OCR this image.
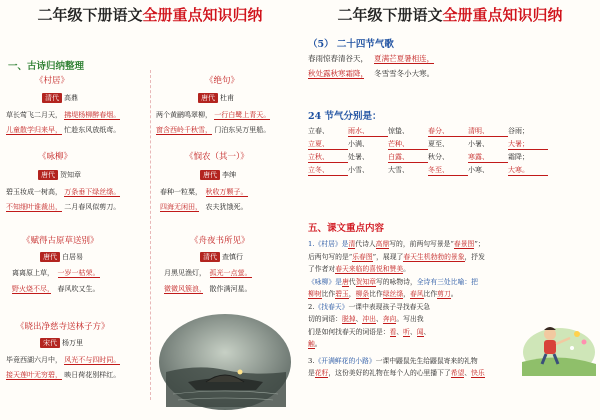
二年级下册语文全册重点知识归纳
一、古诗归纳整理
《村居》
清代 高鼎
草长莺飞二月天， 拂堤杨柳醉春烟。
儿童散学归来早， 忙趁东风放纸鸢。
《绝句》
唐代 杜甫
两个黄鹂鸣翠柳， 一行白鹭上青天。
窗含西岭千秋雪， 门泊东吴万里船。
《咏柳》
唐代 贺知章
碧玉妆成一树高， 万条垂下绿丝绦。
不知细叶谁裁出， 二月春风似剪刀。
《悯农（其一）》
唐代 李绅
春种一粒粟，　 秋收万颗子。
四海无闲田，　 农夫犹饿死。
《赋得古原草送别》
唐代 白居易
离离原上草，　 一岁一枯荣。
野火烧不尽，　 春风吹又生。
《舟夜书所见》
清代 查慎行
月黑见渔灯，　 孤光一点萤。
微微风簇浪，　 散作满河星。
《晓出净慈寺送林子方》
宋代 杨万里
毕竟西湖六月中， 风光不与四时同。
接天莲叶无穷碧， 映日荷花别样红。
二年级下册语文全册重点知识归纳
（5） 二十四节气歌
春雨惊春清谷天，　 夏满芒夏暑相连，
秋处露秋寒霜降，　 冬雪雪冬小大寒。
24 节气分别是：
立春、	雨水、	惊蛰、	春分、	清明、	谷雨；
立夏、	小满、	芒种、	夏至、	小暑、	大暑；
立秋、	处暑、	白露、	秋分、	寒露、	霜降；
立冬、	小雪、	大雪、	冬至、	小寒、	大寒。
五、课文重点内容
1.《村居》是清代诗人高鼎写的，前两句写景是“春景图”；
后两句写的是“乐春图”，展现了春天生机勃勃的景象，抒发
了作者对春天来临的喜悦和赞美。
《咏柳》是唐代贺知章写的咏物诗，全诗有三处比喻：把
柳树比作碧玉，柳条比作绿丝绦，春风比作剪刀。
2.《找春天》一课中表现孩子寻找春天急
切的词语：脱掉、冲出、奔向。写出我
们是如何找春天的词语是：看、听、闻、
触。
3.《开满鲜花的小路》一课中鼹鼠先生给鼹鼠寄来的礼物
是花籽，这份美好的礼物在每个人的心里播下了希望、快乐
